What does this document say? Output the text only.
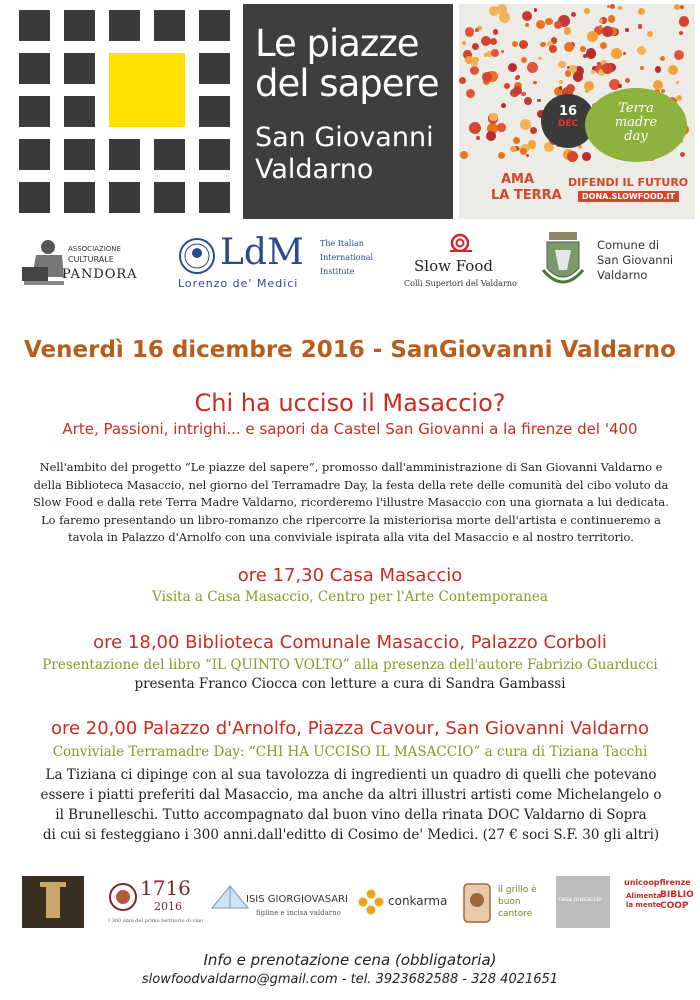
Le piazze
del sapere
San Giovanni
Valdarno
16
DEC
Terra
madre
day
AMA
LA TERRA
DIFENDI IL FUTURO
DONA.SLOWFOOD.IT
ASSOCIAZIONE
CULTURALE
PANDORA
LdM
Lorenzo de' Medici
The Italian
International
Institute	Slow Food
Colli Superiori del Valdarno
Comune di
San Giovanni
Valdarno
Venerdì 16 dicembre 2016 - SanGiovanni Valdarno
Chi ha ucciso il Masaccio?
Arte, Passioni, intrighi... e sapori da Castel San Giovanni a la firenze del '400
Nell'ambito del progetto “Le piazze del sapere”, promosso dall'amministrazione di San Giovanni Valdarno e
della Biblioteca Masaccio, nel giorno del Terramadre Day, la festa della rete delle comunità del cibo voluto da
Slow Food e dalla rete Terra Madre Valdarno, ricorderemo l'illustre Masaccio con una giornata a lui dedicata.
Lo faremo presentando un libro-romanzo che ripercorre la misteriorisa morte dell'artista e continueremo a
tavola in Palazzo d'Arnolfo con una conviviale ispirata alla vita del Masaccio e al nostro territorio.
ore 17,30 Casa Masaccio
Visita a Casa Masaccio, Centro per l'Arte Contemporanea
ore 18,00 Biblioteca Comunale Masaccio, Palazzo Corboli
Presentazione del libro “IL QUINTO VOLTO” alla presenza dell'autore Fabrizio Guarducci
presenta Franco Ciocca con letture a cura di Sandra Gambassi
ore 20,00 Palazzo d'Arnolfo, Piazza Cavour, San Giovanni Valdarno
Conviviale Terramadre Day: “CHI HA UCCISO IL MASACCIO” a cura di Tiziana Tacchi
La Tiziana ci dipinge con al sua tavolozza di ingredienti un quadro di quelli che potevano
essere i piatti preferiti dal Masaccio, ma anche da altri illustri artisti come Michelangelo o
il Brunelleschi. Tutto accompagnato dal buon vino della rinata DOC Valdarno di Sopra
di cui si festeggiano i 300 anni.dall'editto di Cosimo de' Medici. (27 € soci S.F. 30 gli altri)
1716
2016
I 300 anni del primo territorio di vino
ISIS GIORGIOVASARI
figline e incisa valdarno
conkarma
il grillo è
buon
cantore
casa masaccio
unicoopfirenze
Alimenta
la mente
BIBLIO
COOP
Info e prenotazione cena (obbligatoria)
slowfoodvaldarno@gmail.com - tel. 3923682588 - 328 4021651
